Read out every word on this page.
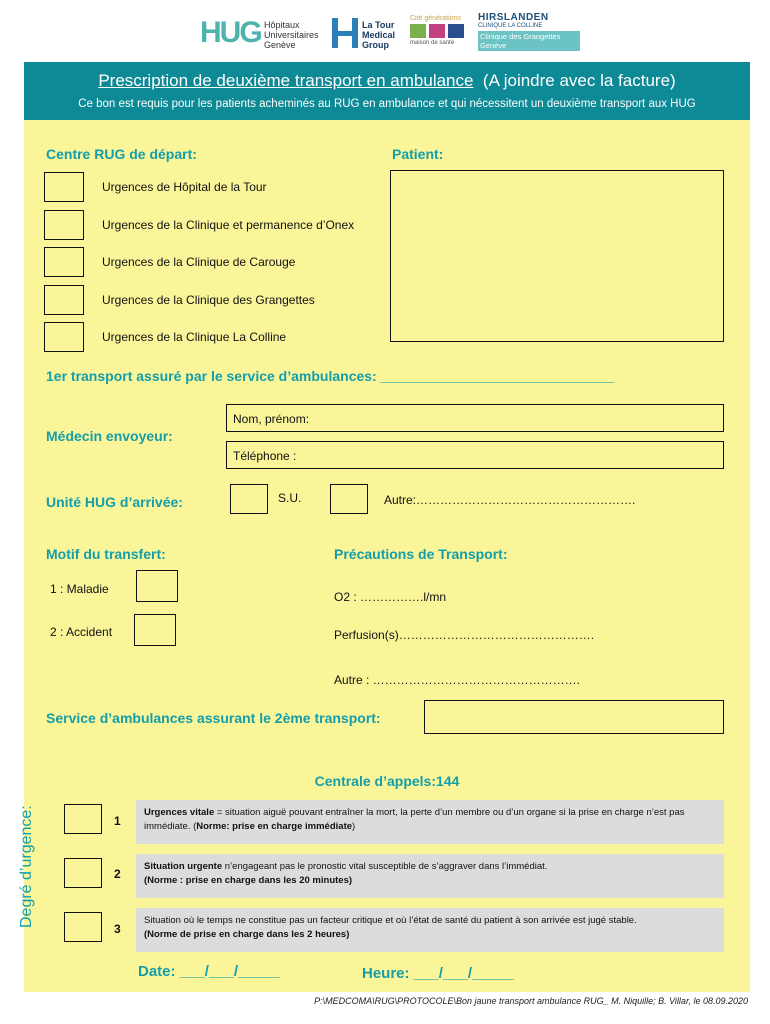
HUG Hôpitaux
Universitaires
Genève
La Tour
Medical
Group
Cité générations
maison de santé
HIRSLANDEN
CLINIQUE LA COLLINE
Clinique des Grangettes
Genève
Prescription de deuxième transport en ambulance (A joindre avec la facture)
Ce bon est requis pour les patients acheminés au RUG en ambulance et qui nécessitent un deuxième transport aux HUG
Centre RUG de départ:	Patient:
Urgences de Hôpital de la Tour
Urgences de la Clinique et permanence d’Onex
Urgences de la Clinique de Carouge
Urgences de la Clinique des Grangettes
Urgences de la Clinique La Colline
1er transport assuré par le service d’ambulances: ______________________________
Médecin envoyeur:
Nom, prénom:
Téléphone :
Unité HUG d’arrivée:	S.U.	Autre:……………………………………………….
Motif du transfert:
1 : Maladie
2 : Accident
Précautions de Transport:
O2 : …………….l/mn
Perfusion(s)………………………………………….
Autre : …………………………………………….
Service d’ambulances assurant le 2ème transport:
Centrale d’appels:144
Degré d’urgence:	1
Urgences vitale = situation aiguë pouvant entraîner la mort, la perte d’un membre ou d’un organe si la prise en charge n’est pas immédiate. (Norme: prise en charge immédiate)
2
Situation urgente n’engageant pas le pronostic vital susceptible de s’aggraver dans l’immédiat.
(Norme : prise en charge dans les 20 minutes)
3
Situation où le temps ne constitue pas un facteur critique et où l’état de santé du patient à son arrivée est jugé stable.
(Norme de prise en charge dans les 2 heures)
Date: ___/___/_____	Heure: ___/___/_____
P:\MEDCOMA\RUG\PROTOCOLE\Bon jaune transport ambulance RUG_ M. Niquille; B. Villar, le 08.09.2020
